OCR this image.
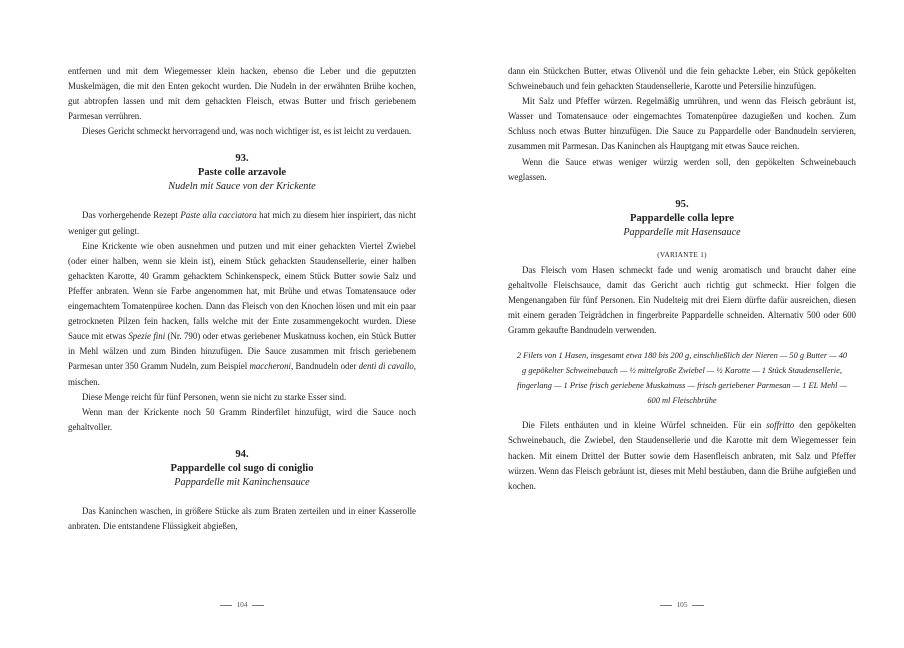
entfernen und mit dem Wiegemesser klein hacken, ebenso die Leber und die geputzten Muskelmägen, die mit den Enten gekocht wurden. Die Nudeln in der erwähnten Brühe kochen, gut abtropfen lassen und mit dem gehackten Fleisch, etwas Butter und frisch geriebenem Parmesan verrühren.

Dieses Gericht schmeckt hervorragend und, was noch wichtiger ist, es ist leicht zu verdauen.

93.

Paste colle arzavole

Nudeln mit Sauce von der Krickente

Das vorhergehende Rezept Paste alla cacciatora hat mich zu diesem hier inspiriert, das nicht weniger gut gelingt.

Eine Krickente wie oben ausnehmen und putzen und mit einer gehackten Viertel Zwiebel (oder einer halben, wenn sie klein ist), einem Stück gehackten Staudensellerie, einer halben gehackten Karotte, 40 Gramm gehacktem Schinkenspeck, einem Stück Butter sowie Salz und Pfeffer anbraten. Wenn sie Farbe angenommen hat, mit Brühe und etwas Tomatensauce oder eingemachtem Tomatenpüree kochen. Dann das Fleisch von den Knochen lösen und mit ein paar getrockneten Pilzen fein hacken, falls welche mit der Ente zusammengekocht wurden. Diese Sauce mit etwas Spezie fini (Nr. 790) oder etwas geriebener Muskatnuss kochen, ein Stück Butter in Mehl wälzen und zum Binden hinzufügen. Die Sauce zusammen mit frisch geriebenem Parmesan unter 350 Gramm Nudeln, zum Beispiel maccheroni, Bandnudeln oder denti di cavallo, mischen.

Diese Menge reicht für fünf Personen, wenn sie nicht zu starke Esser sind.

Wenn man der Krickente noch 50 Gramm Rinderfilet hinzufügt, wird die Sauce noch gehaltvoller.

94.

Pappardelle col sugo di coniglio

Pappardelle mit Kaninchensauce

Das Kaninchen waschen, in größere Stücke als zum Braten zerteilen und in einer Kasserolle anbraten. Die entstandene Flüssigkeit abgießen,

104

dann ein Stückchen Butter, etwas Olivenöl und die fein gehackte Leber, ein Stück gepökelten Schweinebauch und fein gehackten Staudensellerie, Karotte und Petersilie hinzufügen.

Mit Salz und Pfeffer würzen. Regelmäßig umrühren, und wenn das Fleisch gebräunt ist, Wasser und Tomatensauce oder eingemachtes Tomatenpüree dazugießen und kochen. Zum Schluss noch etwas Butter hinzufügen. Die Sauce zu Pappardelle oder Bandnudeln servieren, zusammen mit Parmesan. Das Kaninchen als Hauptgang mit etwas Sauce reichen.

Wenn die Sauce etwas weniger würzig werden soll, den gepökelten Schweinebauch weglassen.

95.

Pappardelle colla lepre

Pappardelle mit Hasensauce

(VARIANTE 1)

Das Fleisch vom Hasen schmeckt fade und wenig aromatisch und braucht daher eine gehaltvolle Fleischsauce, damit das Gericht auch richtig gut schmeckt. Hier folgen die Mengenangaben für fünf Personen. Ein Nudelteig mit drei Eiern dürfte dafür ausreichen, diesen mit einem geraden Teigrädchen in fingerbreite Pappardelle schneiden. Alternativ 500 oder 600 Gramm gekaufte Bandnudeln verwenden.

2 Filets von 1 Hasen, insgesamt etwa 180 bis 200 g, einschließlich der Nieren — 50 g Butter — 40 g gepökelter Schweinebauch — ½ mittelgroße Zwiebel — ½ Karotte — 1 Stück Staudensellerie, fingerlang — 1 Prise frisch geriebene Muskatnuss — frisch geriebener Parmesan — 1 EL Mehl — 600 ml Fleischbrühe

Die Filets enthäuten und in kleine Würfel schneiden. Für ein soffritto den gepökelten Schweinebauch, die Zwiebel, den Staudensellerie und die Karotte mit dem Wiegemesser fein hacken. Mit einem Drittel der Butter sowie dem Hasenfleisch anbraten, mit Salz und Pfeffer würzen. Wenn das Fleisch gebräunt ist, dieses mit Mehl bestäuben, dann die Brühe aufgießen und kochen.

105
